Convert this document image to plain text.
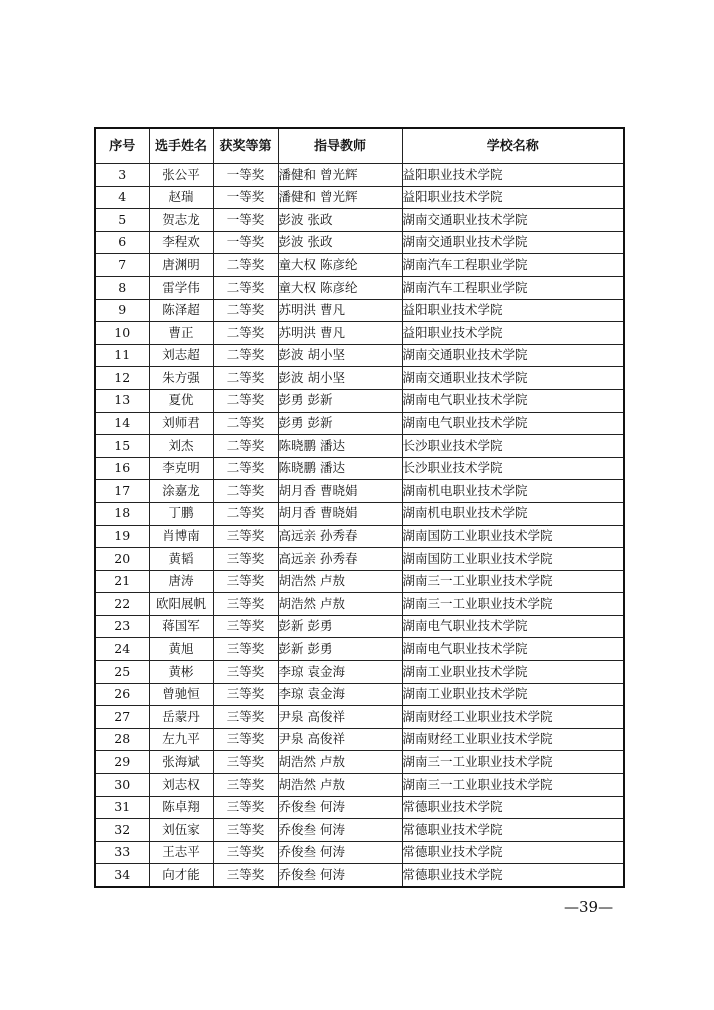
序号	选手姓名	获奖等第	指导教师	学校名称
3	张公平	一等奖	潘健和 曾光辉	益阳职业技术学院
4	赵瑞	一等奖	潘健和 曾光辉	益阳职业技术学院
5	贺志龙	一等奖	彭波 张政	湖南交通职业技术学院
6	李程欢	一等奖	彭波 张政	湖南交通职业技术学院
7	唐渊明	二等奖	童大权 陈彦纶	湖南汽车工程职业学院
8	雷学伟	二等奖	童大权 陈彦纶	湖南汽车工程职业学院
9	陈泽超	二等奖	苏明洪 曹凡	益阳职业技术学院
10	曹正	二等奖	苏明洪 曹凡	益阳职业技术学院
11	刘志超	二等奖	彭波 胡小坚	湖南交通职业技术学院
12	朱方强	二等奖	彭波 胡小坚	湖南交通职业技术学院
13	夏优	二等奖	彭勇 彭新	湖南电气职业技术学院
14	刘师君	二等奖	彭勇 彭新	湖南电气职业技术学院
15	刘杰	二等奖	陈晓鹏 潘达	长沙职业技术学院
16	李克明	二等奖	陈晓鹏 潘达	长沙职业技术学院
17	涂嘉龙	二等奖	胡月香 曹晓娟	湖南机电职业技术学院
18	丁鹏	二等奖	胡月香 曹晓娟	湖南机电职业技术学院
19	肖博南	三等奖	高远亲 孙秀春	湖南国防工业职业技术学院
20	黄韬	三等奖	高远亲 孙秀春	湖南国防工业职业技术学院
21	唐涛	三等奖	胡浩然 卢敖	湖南三一工业职业技术学院
22	欧阳展帆	三等奖	胡浩然 卢敖	湖南三一工业职业技术学院
23	蒋国军	三等奖	彭新 彭勇	湖南电气职业技术学院
24	黄旭	三等奖	彭新 彭勇	湖南电气职业技术学院
25	黄彬	三等奖	李琼 袁金海	湖南工业职业技术学院
26	曾驰恒	三等奖	李琼 袁金海	湖南工业职业技术学院
27	岳蒙丹	三等奖	尹泉 高俊祥	湖南财经工业职业技术学院
28	左九平	三等奖	尹泉 高俊祥	湖南财经工业职业技术学院
29	张海斌	三等奖	胡浩然 卢敖	湖南三一工业职业技术学院
30	刘志权	三等奖	胡浩然 卢敖	湖南三一工业职业技术学院
31	陈卓翔	三等奖	乔俊叁 何涛	常德职业技术学院
32	刘伍家	三等奖	乔俊叁 何涛	常德职业技术学院
33	王志平	三等奖	乔俊叁 何涛	常德职业技术学院
34	向才能	三等奖	乔俊叁 何涛	常德职业技术学院
—39—
